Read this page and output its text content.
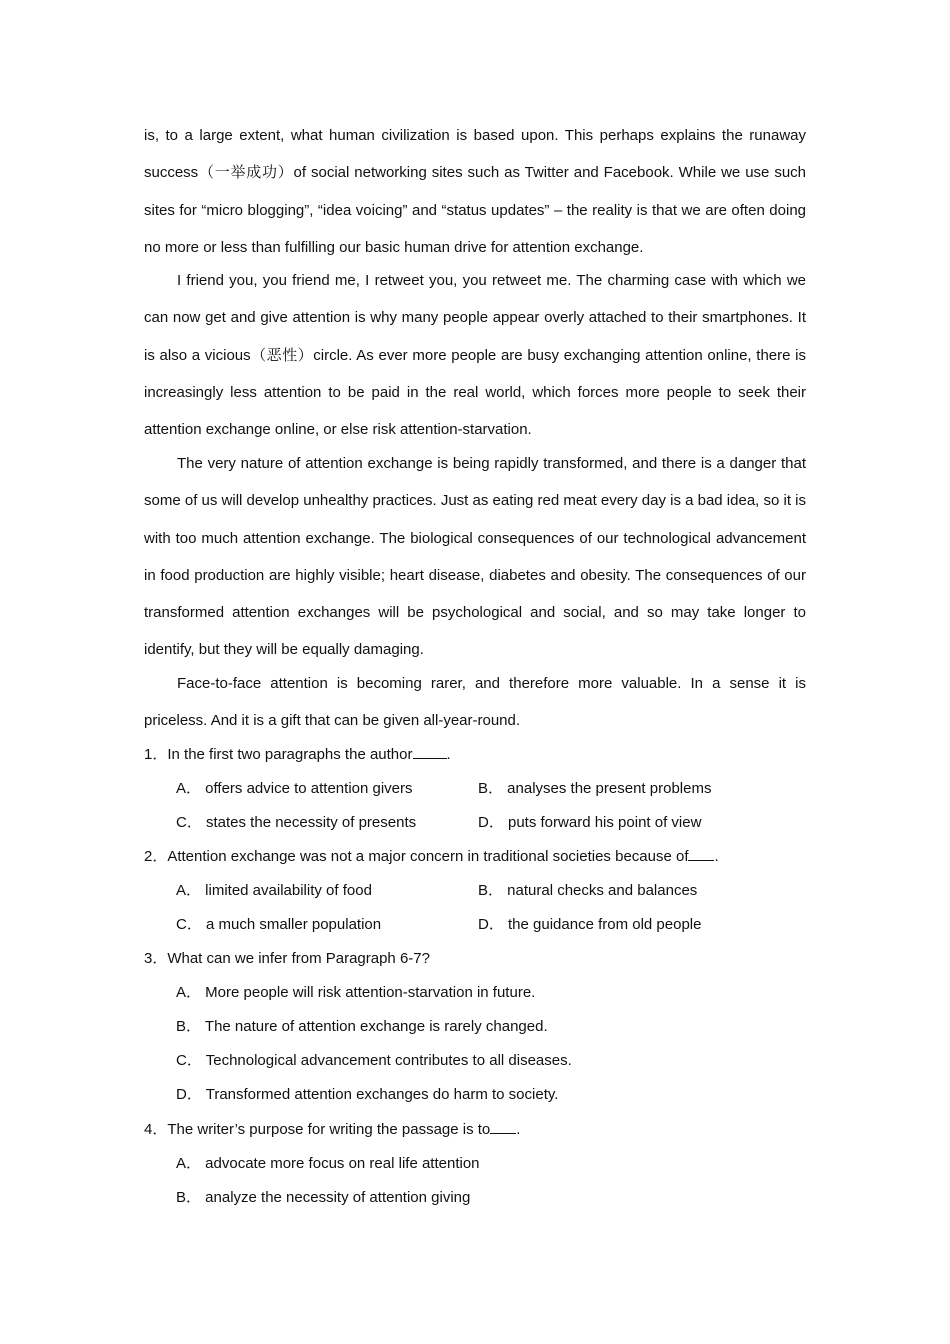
is, to a large extent, what human civilization is based upon. This perhaps explains the runaway success（一举成功）of social networking sites such as Twitter and Facebook. While we use such sites for “micro blogging”, “idea voicing” and “status updates” – the reality is that we are often doing no more or less than fulfilling our basic human drive for attention exchange.

I friend you, you friend me, I retweet you, you retweet me. The charming case with which we can now get and give attention is why many people appear overly attached to their smartphones. It is also a vicious（恶性）circle. As ever more people are busy exchanging attention online, there is increasingly less attention to be paid in the real world, which forces more people to seek their attention exchange online, or else risk attention-starvation.

The very nature of attention exchange is being rapidly transformed, and there is a danger that some of us will develop unhealthy practices. Just as eating red meat every day is a bad idea, so it is with too much attention exchange. The biological consequences of our technological advancement in food production are highly visible; heart disease, diabetes and obesity. The consequences of our transformed attention exchanges will be psychological and social, and so may take longer to identify, but they will be equally damaging.

Face-to-face attention is becoming rarer, and therefore more valuable. In a sense it is priceless. And it is a gift that can be given all-year-round.

1．In the first two paragraphs the author .
A． offers advice to attention givers	B． analyses the present problems
C． states the necessity of presents	D． puts forward his point of view
2．Attention exchange was not a major concern in traditional societies because of .
A． limited availability of food	B． natural checks and balances
C． a much smaller population	D． the guidance from old people
3．What can we infer from Paragraph 6-7?
A． More people will risk attention-starvation in future.
B． The nature of attention exchange is rarely changed.
C． Technological advancement contributes to all diseases.
D． Transformed attention exchanges do harm to society.
4．The writer’s purpose for writing the passage is to .
A． advocate more focus on real life attention
B． analyze the necessity of attention giving
